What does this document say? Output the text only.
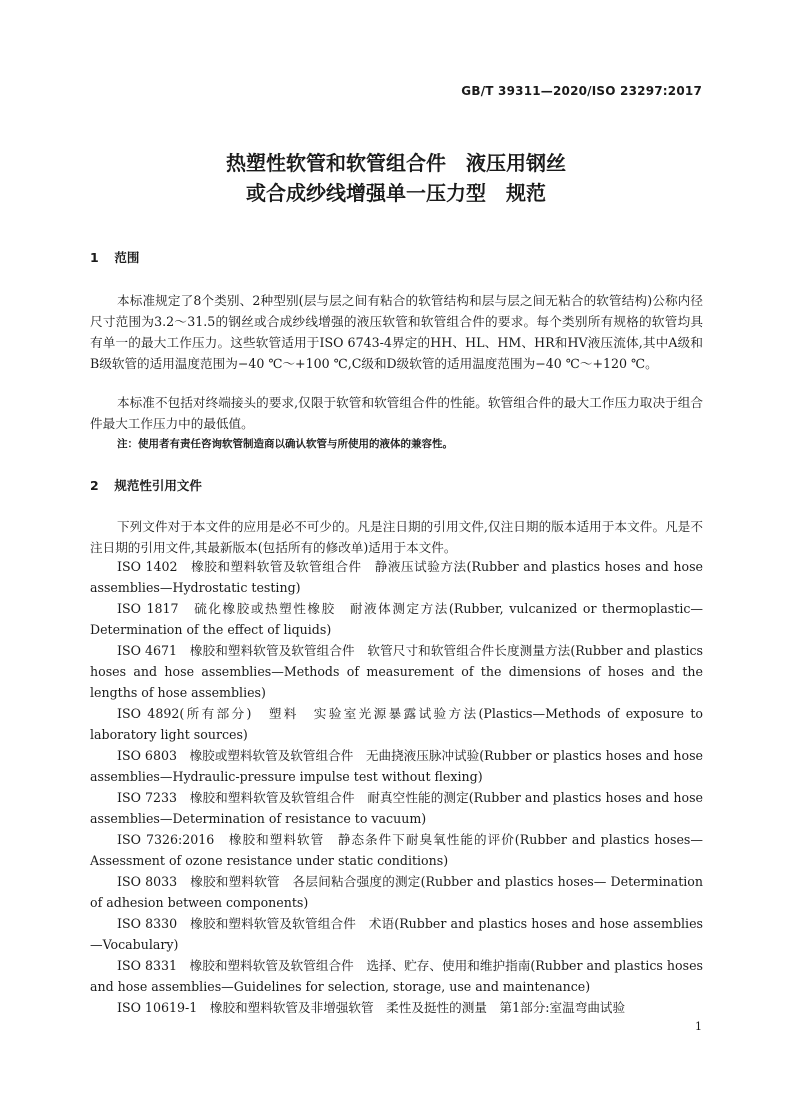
GB/T 39311—2020/ISO 23297:2017
热塑性软管和软管组合件　液压用钢丝
或合成纱线增强单一压力型　规范
1 范围

本标准规定了8个类别、2种型别(层与层之间有粘合的软管结构和层与层之间无粘合的软管结构)公称内径尺寸范围为3.2～31.5的钢丝或合成纱线增强的液压软管和软管组合件的要求。每个类别所有规格的软管均具有单一的最大工作压力。这些软管适用于ISO 6743-4界定的HH、HL、HM、HR和HV液压流体,其中A级和B级软管的适用温度范围为−40 ℃～+100 ℃,C级和D级软管的适用温度范围为−40 ℃～+120 ℃。

本标准不包括对终端接头的要求,仅限于软管和软管组合件的性能。软管组合件的最大工作压力取决于组合件最大工作压力中的最低值。

注：使用者有责任咨询软管制造商以确认软管与所使用的液体的兼容性。
2 规范性引用文件

下列文件对于本文件的应用是必不可少的。凡是注日期的引用文件,仅注日期的版本适用于本文件。凡是不注日期的引用文件,其最新版本(包括所有的修改单)适用于本文件。

ISO 1402　橡胶和塑料软管及软管组合件　静液压试验方法(Rubber and plastics hoses and hose assemblies—Hydrostatic testing)
ISO 1817　硫化橡胶或热塑性橡胶　耐液体测定方法(Rubber, vulcanized or thermoplastic— Determination of the effect of liquids)
ISO 4671　橡胶和塑料软管及软管组合件　软管尺寸和软管组合件长度测量方法(Rubber and plastics hoses and hose assemblies—Methods of measurement of the dimensions of hoses and the lengths of hose assemblies)
ISO 4892(所有部分)　塑料　实验室光源暴露试验方法(Plastics—Methods of exposure to laboratory light sources)
ISO 6803　橡胶或塑料软管及软管组合件　无曲挠液压脉冲试验(Rubber or plastics hoses and hose assemblies—Hydraulic-pressure impulse test without flexing)
ISO 7233　橡胶和塑料软管及软管组合件　耐真空性能的测定(Rubber and plastics hoses and hose assemblies—Determination of resistance to vacuum)
ISO 7326:2016　橡胶和塑料软管　静态条件下耐臭氧性能的评价(Rubber and plastics hoses—Assessment of ozone resistance under static conditions)
ISO 8033　橡胶和塑料软管　各层间粘合强度的测定(Rubber and plastics hoses— Determination of adhesion between components)
ISO 8330　橡胶和塑料软管及软管组合件　术语(Rubber and plastics hoses and hose assemblies—Vocabulary)
ISO 8331　橡胶和塑料软管及软管组合件　选择、贮存、使用和维护指南(Rubber and plastics hoses and hose assemblies—Guidelines for selection, storage, use and maintenance)
ISO 10619-1　橡胶和塑料软管及非增强软管　柔性及挺性的测量　第1部分:室温弯曲试验
1
